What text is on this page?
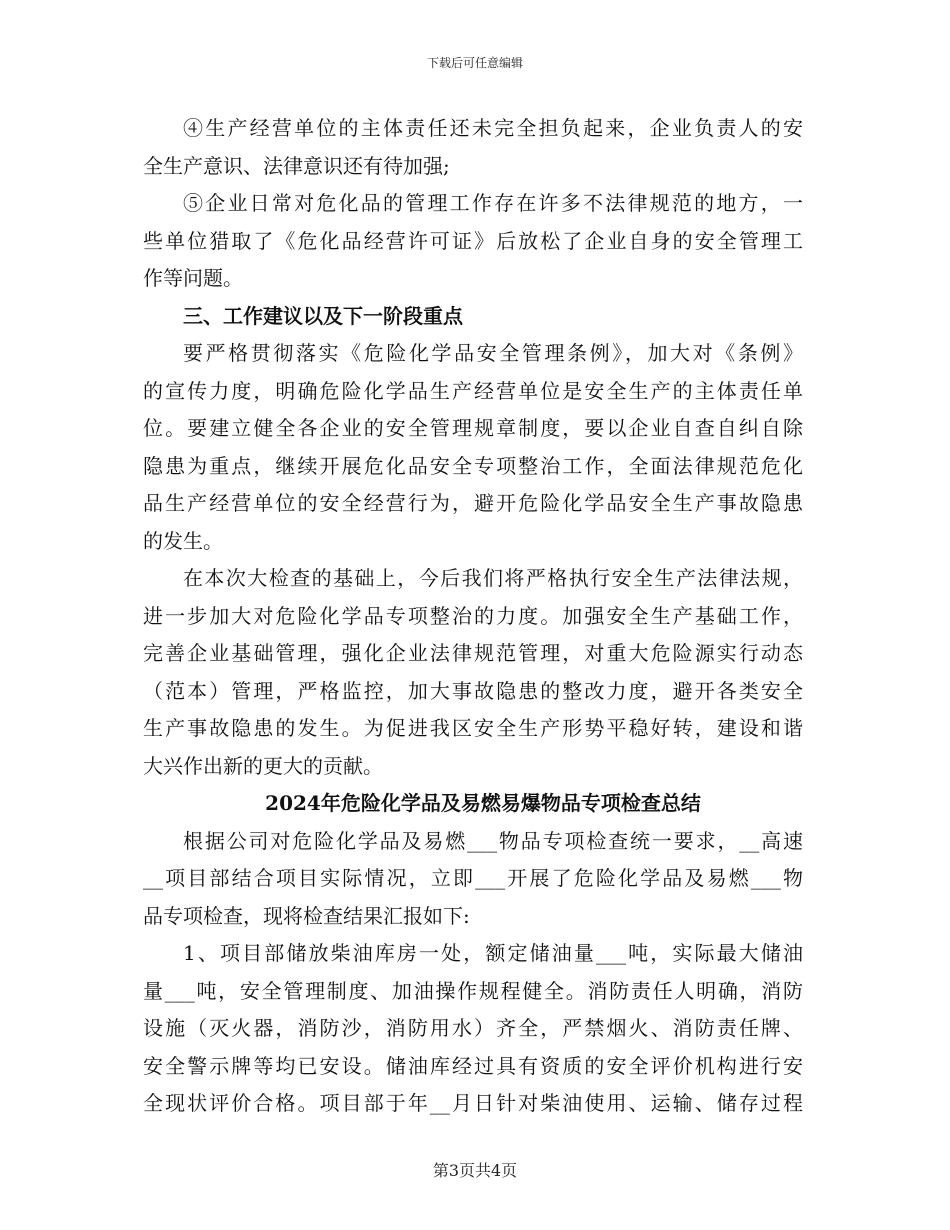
下载后可任意编辑
④生产经营单位的主体责任还未完全担负起来，企业负责人的安
全生产意识、法律意识还有待加强;
⑤企业日常对危化品的管理工作存在许多不法律规范的地方，一
些单位猎取了《危化品经营许可证》后放松了企业自身的安全管理工
作等问题。
三、工作建议以及下一阶段重点
要严格贯彻落实《危险化学品安全管理条例》，加大对《条例》
的宣传力度，明确危险化学品生产经营单位是安全生产的主体责任单
位。要建立健全各企业的安全管理规章制度，要以企业自查自纠自除
隐患为重点，继续开展危化品安全专项整治工作，全面法律规范危化
品生产经营单位的安全经营行为，避开危险化学品安全生产事故隐患
的发生。
在本次大检查的基础上，今后我们将严格执行安全生产法律法规，
进一步加大对危险化学品专项整治的力度。加强安全生产基础工作，
完善企业基础管理，强化企业法律规范管理，对重大危险源实行动态
（范本）管理，严格监控，加大事故隐患的整改力度，避开各类安全
生产事故隐患的发生。为促进我区安全生产形势平稳好转，建设和谐
大兴作出新的更大的贡献。
2024年危险化学品及易燃易爆物品专项检查总结
根据公司对危险化学品及易燃___物品专项检查统一要求，__高速
__项目部结合项目实际情况，立即___开展了危险化学品及易燃___物
品专项检查，现将检查结果汇报如下:
1、项目部储放柴油库房一处，额定储油量___吨，实际最大储油
量___吨，安全管理制度、加油操作规程健全。消防责任人明确，消防
设施（灭火器，消防沙，消防用水）齐全，严禁烟火、消防责任牌、
安全警示牌等均已安设。储油库经过具有资质的安全评价机构进行安
全现状评价合格。项目部于年__月日针对柴油使用、运输、储存过程
第3页共4页
